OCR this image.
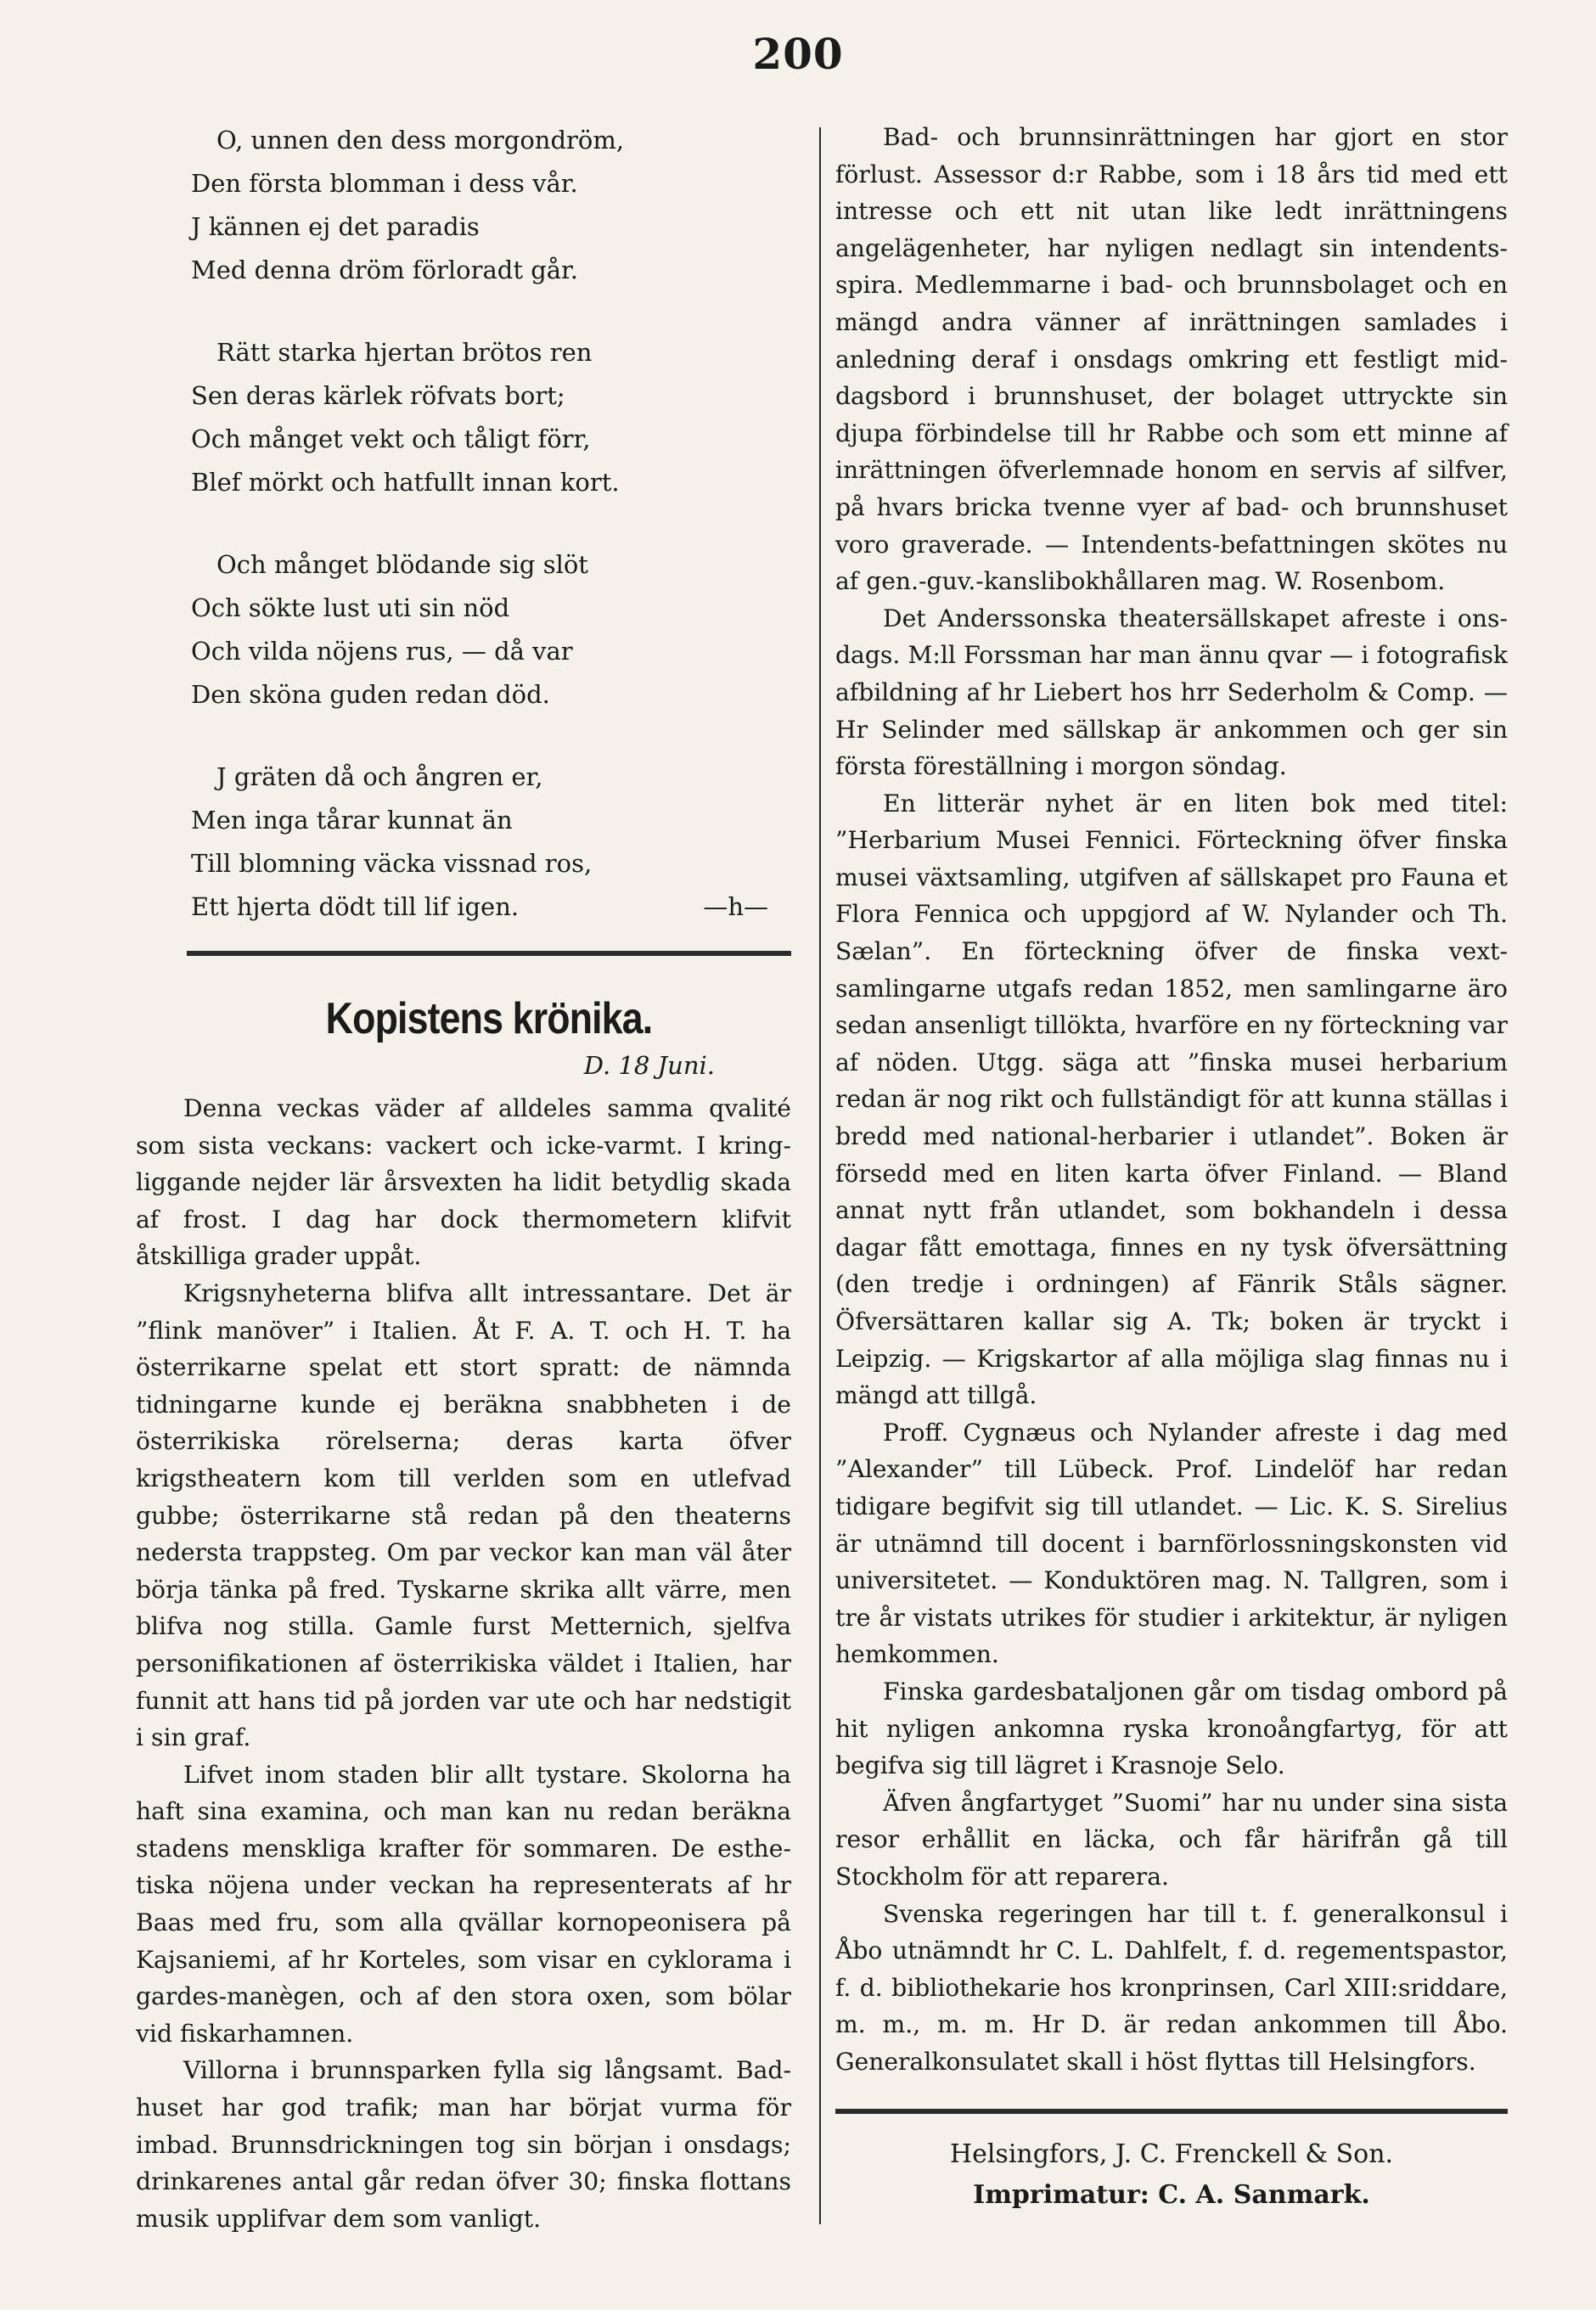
200
O, unnen den dess morgondröm,
Den första blomman i dess vår.
J kännen ej det paradis
Med denna dröm förloradt går.
Rätt starka hjertan brötos ren
Sen deras kärlek röfvats bort;
Och månget vekt och tåligt förr,
Blef mörkt och hatfullt innan kort.
Och månget blödande sig slöt
Och sökte lust uti sin nöd
Och vilda nöjens rus, — då var
Den sköna guden redan död.
J gräten då och ångren er,
Men inga tårar kunnat än
Till blomning väcka vissnad ros,
Ett hjerta dödt till lif igen.	—h—
Kopistens krönika.
D. 18 Juni.

Denna veckas väder af alldeles samma qvalité som sista veckans: vackert och icke-varmt. I kringliggande nejder lär årsvexten ha lidit betydlig skada af frost. I dag har dock thermometern klifvit åtskilliga grader uppåt.

Krigsnyheterna blifva allt intressantare. Det är ”flink manöver” i Italien. Åt F. A. T. och H. T. ha österrikarne spelat ett stort spratt: de nämnda tidningarne kunde ej beräkna snabbheten i de österrikiska rörelserna; deras karta öfver krigstheatern kom till verlden som en utlefvad gubbe; österrikarne stå redan på den theaterns nedersta trappsteg. Om par veckor kan man väl åter börja tänka på fred. Tyskarne skrika allt värre, men blifva nog stilla. Gamle furst Metternich, sjelfva personifikationen af österrikiska väldet i Italien, har funnit att hans tid på jorden var ute och har nedstigit i sin graf.

Lifvet inom staden blir allt tystare. Skolorna ha haft sina examina, och man kan nu redan beräkna stadens menskliga krafter för sommaren. De esthetiska nöjena under veckan ha representerats af hr Baas med fru, som alla qvällar kornopeoniserа på Kajsaniemi, af hr Korteles, som visar en cyklorama i gardes-manègen, och af den stora oxen, som bölar vid fiskarhamnen.

Villorna i brunnsparken fylla sig långsamt. Badhuset har god trafik; man har börjat vurma för imbad. Brunnsdrickningen tog sin början i onsdags; drinkarenes antal går redan öfver 30; finska flottans musik upplifvar dem som vanligt.

Bad- och brunnsinrättningen har gjort en stor förlust. Assessor d:r Rabbe, som i 18 års tid med ett intresse och ett nit utan like ledt inrättningens angelägenheter, har nyligen nedlagt sin intendentsspira. Medlemmarne i bad- och brunnsbolaget och en mängd andra vänner af inrättningen samlades i anledning deraf i onsdags omkring ett festligt middagsbord i brunnshuset, der bolaget uttryckte sin djupa förbindelse till hr Rabbe och som ett minne af inrättningen öfverlemnade honom en servis af silfver, på hvars bricka tvenne vyer af bad- och brunnshuset voro graverade. — Intendents-befattningen skötes nu af gen.-guv.-kanslibokhållaren mag. W. Rosenbom.

Det Anderssonska theatersällskapet afreste i onsdags. M:ll Forssman har man ännu qvar — i fotografisk afbildning af hr Liebert hos hrr Sederholm & Comp. — Hr Selinder med sällskap är ankommen och ger sin första föreställning i morgon söndag.

En litterär nyhet är en liten bok med titel: ”Herbarium Musei Fennici. Förteckning öfver finska musei växtsamling, utgifven af sällskapet pro Fauna et Flora Fennica och uppgjord af W. Nylander och Th. Sælan”. En förteckning öfver de finska vextsamlingarne utgafs redan 1852, men samlingarne äro sedan ansenligt tillökta, hvarföre en ny förteckning var af nöden. Utgg. säga att ”finska musei herbarium redan är nog rikt och fullständigt för att kunna ställas i bredd med national-herbarier i utlandet”. Boken är försedd med en liten karta öfver Finland. — Bland annat nytt från utlandet, som bokhandeln i dessa dagar fått emottaga, finnes en ny tysk öfversättning (den tredje i ordningen) af Fänrik Ståls sägner. Öfversättaren kallar sig A. Tk; boken är tryckt i Leipzig. — Krigskartor af alla möjliga slag finnas nu i mängd att tillgå.

Proff. Cygnæus och Nylander afreste i dag med ”Alexander” till Lübeck. Prof. Lindelöf har redan tidigare begifvit sig till utlandet. — Lic. K. S. Sirelius är utnämnd till docent i barnförlossningskonsten vid universitetet. — Konduktören mag. N. Tallgren, som i tre år vistats utrikes för studier i arkitektur, är nyligen hemkommen.

Finska gardesbataljonen går om tisdag ombord på hit nyligen ankomna ryska kronoångfartyg, för att begifva sig till lägret i Krasnoje Selo.

Äfven ångfartyget ”Suomi” har nu under sina sista resor erhållit en läcka, och får härifrån gå till Stockholm för att reparera.

Svenska regeringen har till t. f. generalkonsul i Åbo utnämndt hr C. L. Dahlfelt, f. d. regementspastor, f. d. bibliothekarie hos kronprinsen, Carl XIII:sriddare, m. m., m. m. Hr D. är redan ankommen till Åbo. Generalkonsulatet skall i höst flyttas till Helsingfors.

Helsingfors, J. C. Frenckell & Son.
Imprimatur: C. A. Sanmark.
